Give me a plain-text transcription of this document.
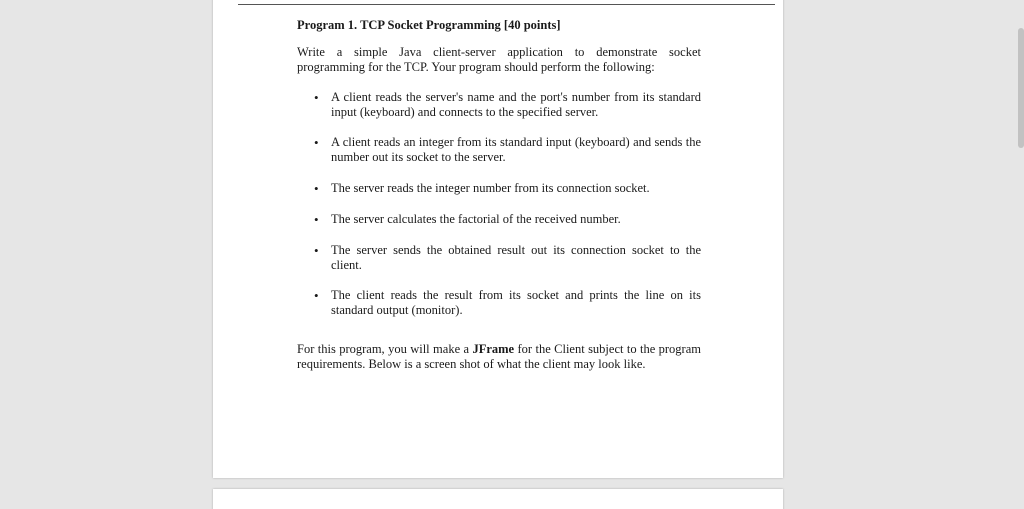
Program 1. TCP Socket Programming [40 points]

Write a simple Java client-server application to demonstrate socket programming for the TCP. Your program should perform the following:

• A client reads the server's name and the port's number from its standard input (keyboard) and connects to the specified server.
• A client reads an integer from its standard input (keyboard) and sends the number out its socket to the server.
• The server reads the integer number from its connection socket.
• The server calculates the factorial of the received number.
• The server sends the obtained result out its connection socket to the client.
• The client reads the result from its socket and prints the line on its standard output (monitor).

For this program, you will make a JFrame for the Client subject to the program requirements. Below is a screen shot of what the client may look like.
